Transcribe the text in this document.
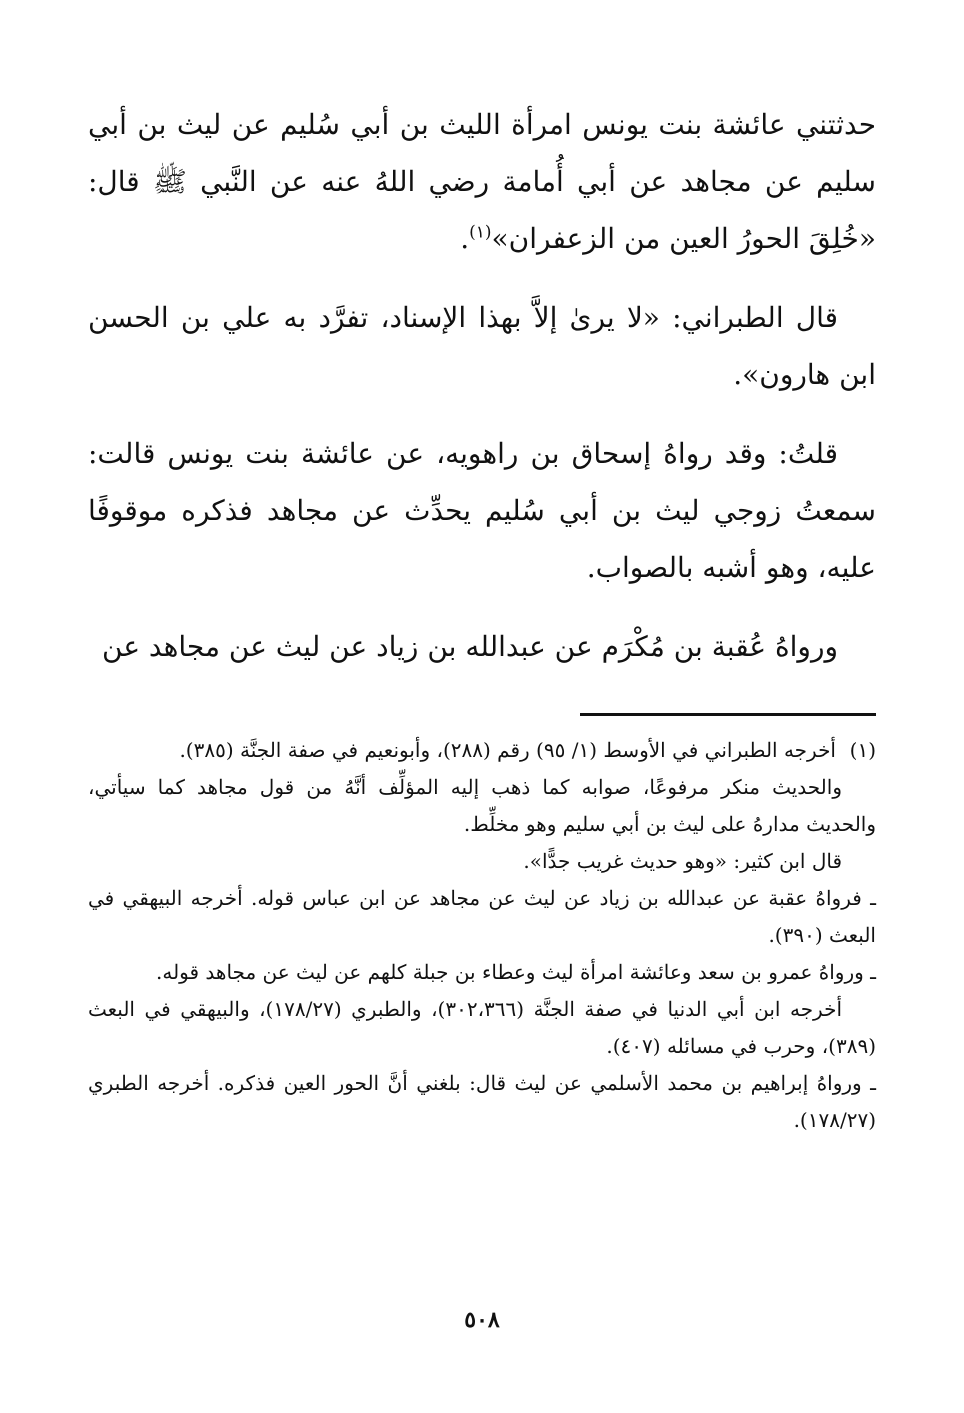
حدثتني عائشة بنت يونس امرأة الليث بن أبي سُليم عن ليث بن أبي سليم عن مجاهد عن أبي أُمامة رضي اللهُ عنه عن النَّبي ﷺ قال: «خُلِقَ الحورُ العين من الزعفران»$^{(١)}$.

قال الطبراني: «لا يرىٰ إلاَّ بهذا الإسناد، تفرَّد به علي بن الحسن ابن هارون».

قلتُ: وقد رواهُ إسحاق بن راهويه، عن عائشة بنت يونس قالت: سمعتُ زوجي ليث بن أبي سُليم يحدِّث عن مجاهد فذكره موقوفًا عليه، وهو أشبه بالصواب.

ورواهُ عُقبة بن مُكْرَم عن عبدالله بن زياد عن ليث عن مجاهد عن

(١)أخرجه الطبراني في الأوسط (١/ ٩٥) رقم (٢٨٨)، وأبونعيم في صفة الجنَّة (٣٨٥).

والحديث منكر مرفوعًا، صوابه كما ذهب إليه المؤلِّف أنَّهُ من قول مجاهد كما سيأتي، والحديث مدارهُ على ليث بن أبي سليم وهو مخلِّط.

قال ابن كثير: «وهو حديث غريب جدًّا».

ـ فرواهُ عقبة عن عبدالله بن زياد عن ليث عن مجاهد عن ابن عباس قوله. أخرجه البيهقي في البعث (٣٩٠).

ـ ورواهُ عمرو بن سعد وعائشة امرأة ليث وعطاء بن جبلة كلهم عن ليث عن مجاهد قوله.

أخرجه ابن أبي الدنيا في صفة الجنَّة (٣٠٢،٣٦٦)، والطبري (١٧٨/٢٧)، والبيهقي في البعث (٣٨٩)، وحرب في مسائله (٤٠٧).

ـ ورواهُ إبراهيم بن محمد الأسلمي عن ليث قال: بلغني أنَّ الحور العين فذكره. أخرجه الطبري (١٧٨/٢٧).

٥٠٨
